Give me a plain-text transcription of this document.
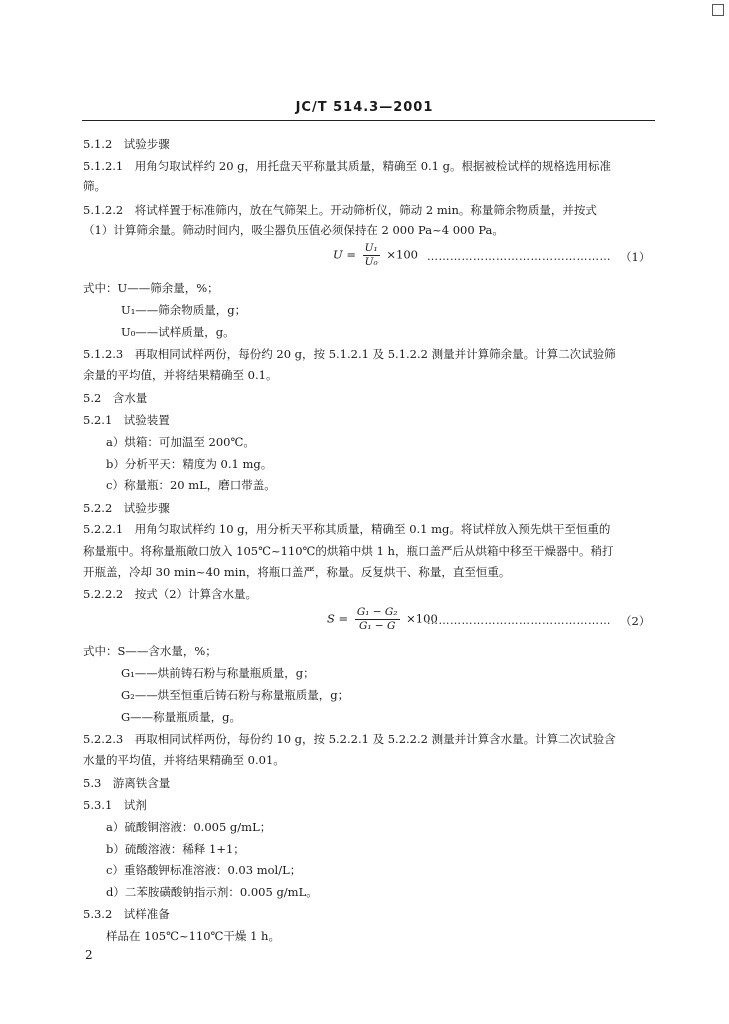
JC/T 514.3—2001
5.1.2　试验步骤
5.1.2.1　用角匀取试样约 20 g，用托盘天平称量其质量，精确至 0.1 g。根据被检试样的规格选用标准
筛。
5.1.2.2　将试样置于标准筛内，放在气筛架上。开动筛析仪，筛动 2 min。称量筛余物质量，并按式
（1）计算筛余量。筛动时间内，吸尘器负压值必须保持在 2 000 Pa~4 000 Pa。
$U = \frac{\text{U₁}}{\text{U₀}} \times 100$ ………………………………………… （1）
式中：U——筛余量，%；
U₁——筛余物质量，g；
U₀——试样质量，g。
5.1.2.3　再取相同试样两份，每份约 20 g，按 5.1.2.1 及 5.1.2.2 测量并计算筛余量。计算二次试验筛
余量的平均值，并将结果精确至 0.1。
5.2　含水量
5.2.1　试验装置
a）烘箱：可加温至 200℃。
b）分析平天：精度为 0.1 mg。
c）称量瓶：20 mL，磨口带盖。
5.2.2　试验步骤
5.2.2.1　用角匀取试样约 10 g，用分析天平称其质量，精确至 0.1 mg。将试样放入预先烘干至恒重的
称量瓶中。将称量瓶敞口放入 105℃~110℃的烘箱中烘 1 h，瓶口盖严后从烘箱中移至干燥器中。稍打
开瓶盖，冷却 30 min~40 min，将瓶口盖严，称量。反复烘干、称量，直至恒重。
5.2.2.2　按式（2）计算含水量。
$S = \frac{\text{G₁ − G₂}}{\text{G₁ − G}} \times 100$
………………………………………… （2）
式中：S——含水量，%；
G₁——烘前铸石粉与称量瓶质量，g；
G₂——烘至恒重后铸石粉与称量瓶质量，g；
G——称量瓶质量，g。
5.2.2.3　再取相同试样两份，每份约 10 g，按 5.2.2.1 及 5.2.2.2 测量并计算含水量。计算二次试验含
水量的平均值，并将结果精确至 0.01。
5.3　游离铁含量
5.3.1　试剂
a）硫酸铜溶液：0.005 g/mL；
b）硫酸溶液：稀释 1+1；
c）重铬酸钾标准溶液：0.03 mol/L；
d）二苯胺磺酸钠指示剂：0.005 g/mL。
5.3.2　试样准备
样品在 105℃~110℃干燥 1 h。
2
